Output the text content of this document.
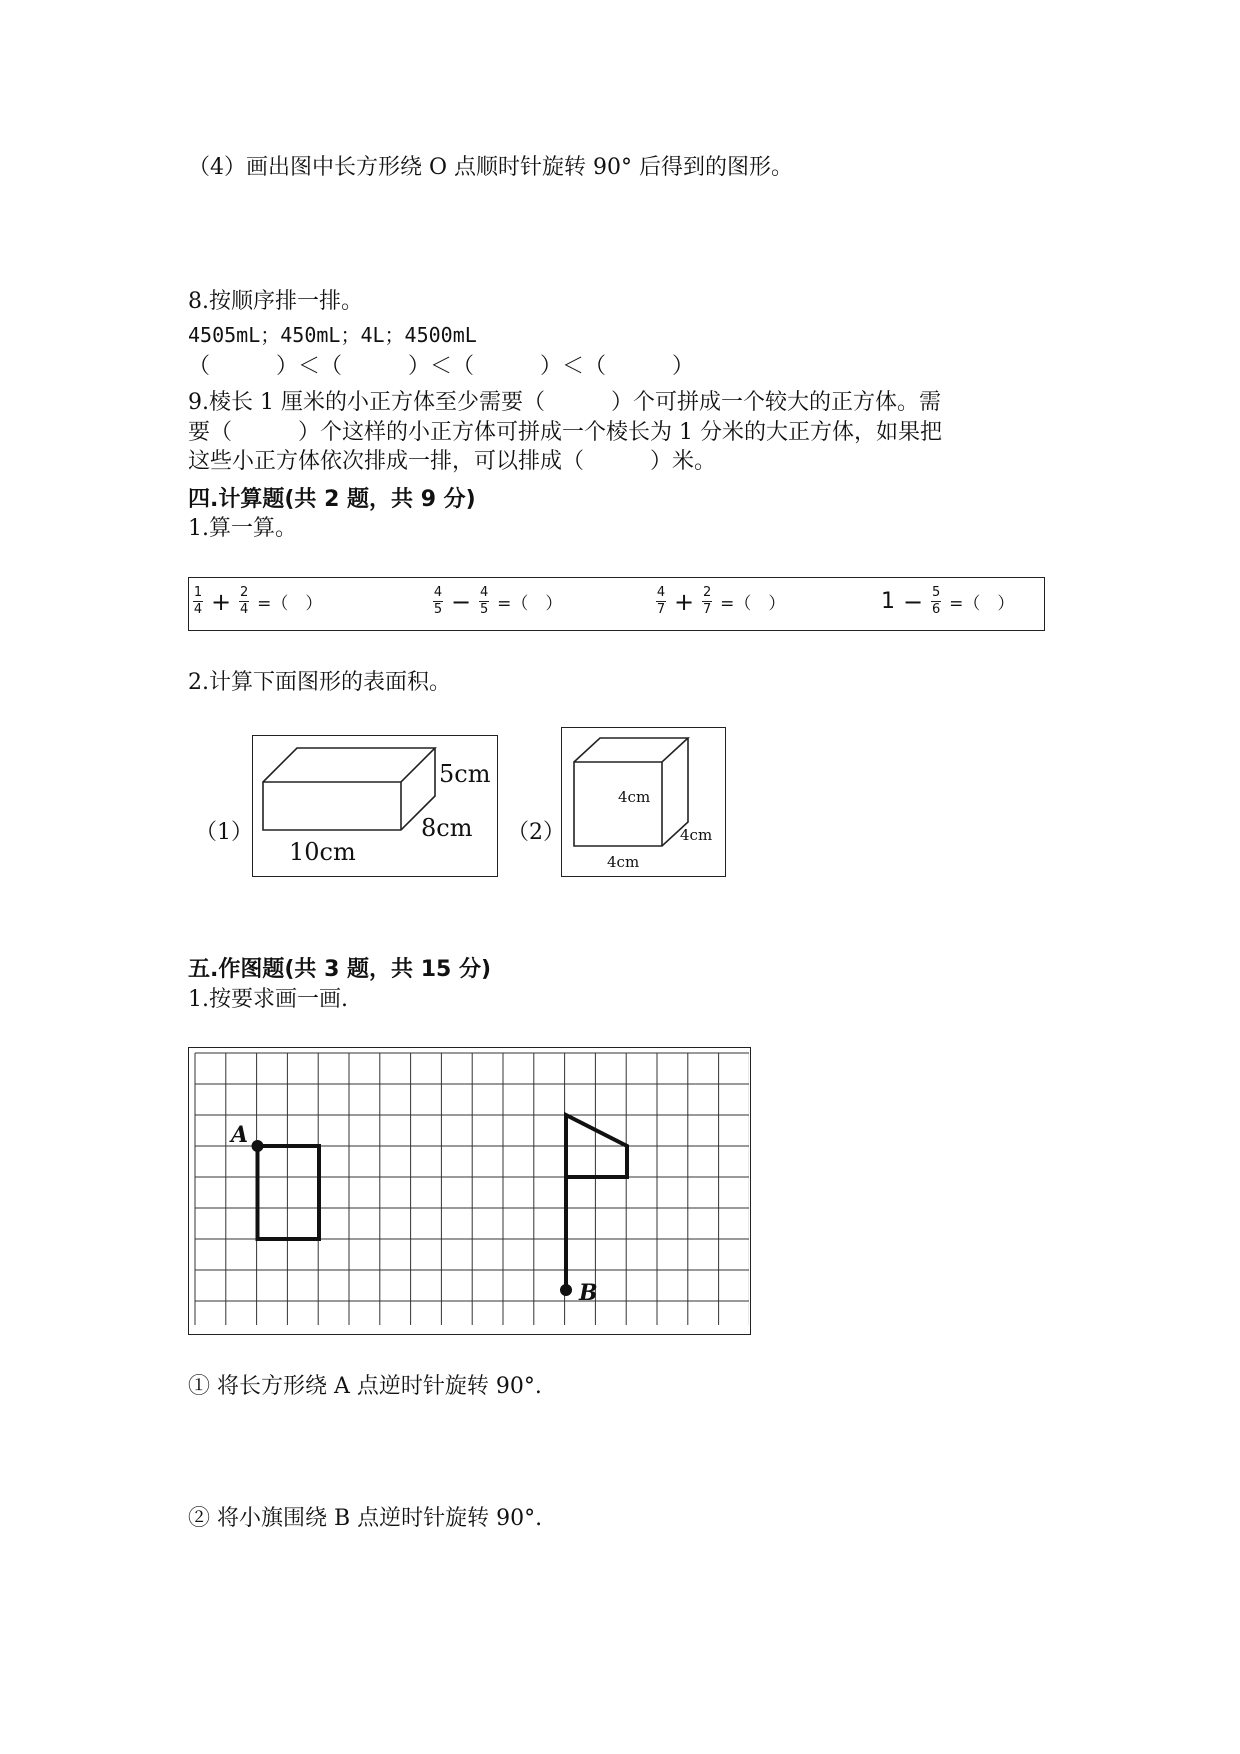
（4）画出图中长方形绕 O 点顺时针旋转 90° 后得到的图形。
8.按顺序排一排。
4505mL；450mL；4L；4500mL
（　　　）＜（　　　）＜（　　　）＜（　　　）
9.棱长 1 厘米的小正方体至少需要（　　　）个可拼成一个较大的正方体。需
要（　　　）个这样的小正方体可拼成一个棱长为 1 分米的大正方体，如果把
这些小正方体依次排成一排，可以排成（　　　）米。
四.计算题(共 2 题，共 9 分)
1.算一算。
$\frac{1}{4} + \frac{2}{4}$ =（　）	$\frac{4}{5} - \frac{4}{5}$ =（　）	$\frac{4}{7} + \frac{2}{7}$ =（　）	$1 - \frac{5}{6}$ =（　）
2.计算下面图形的表面积。
（1）
5cm
8cm
10cm
（2）
4cm
4cm
4cm
五.作图题(共 3 题，共 15 分)
1.按要求画一画.
A
B
① 将长方形绕 A 点逆时针旋转 90°.
② 将小旗围绕 B 点逆时针旋转 90°.
